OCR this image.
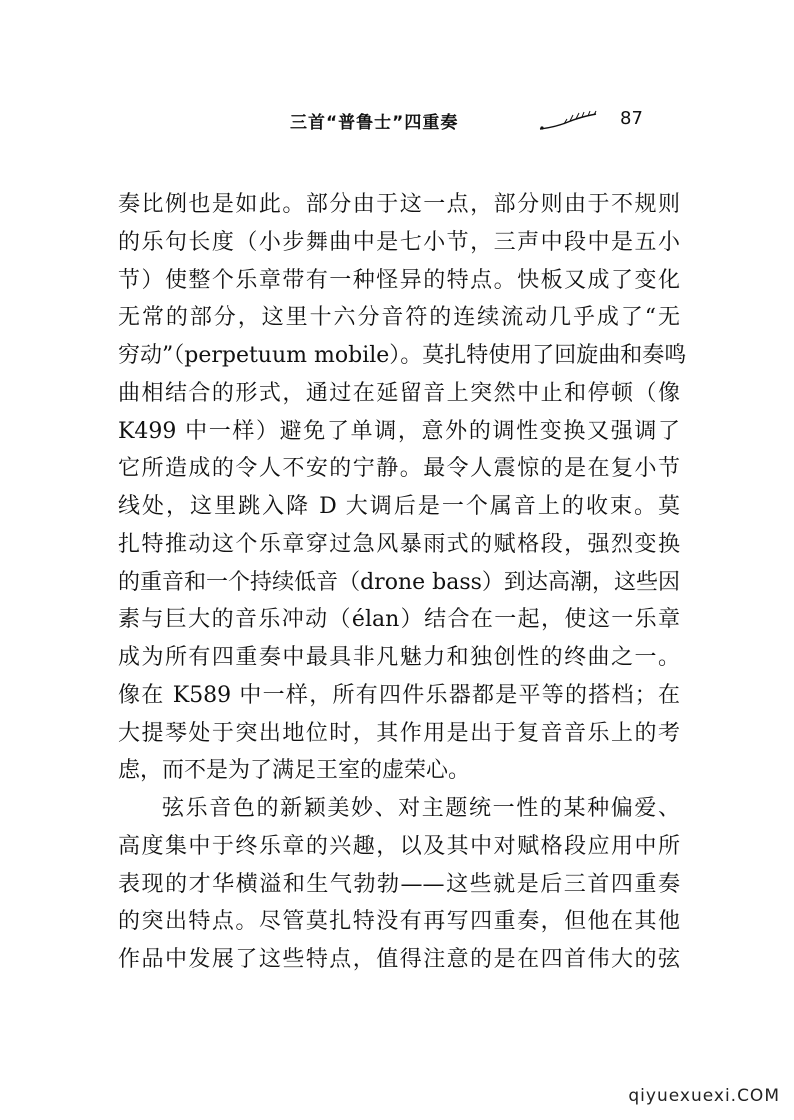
三首“普鲁士”四重奏	87
奏比例也是如此。部分由于这一点，部分则由于不规则
的乐句长度（小步舞曲中是七小节，三声中段中是五小
节）使整个乐章带有一种怪异的特点。快板又成了变化
无常的部分，这里十六分音符的连续流动几乎成了“无
穷动”（perpetuum mobile）。莫扎特使用了回旋曲和奏鸣
曲相结合的形式，通过在延留音上突然中止和停顿（像
K499 中一样）避免了单调，意外的调性变换又强调了
它所造成的令人不安的宁静。最令人震惊的是在复小节
线处，这里跳入降 D 大调后是一个属音上的收束。莫
扎特推动这个乐章穿过急风暴雨式的赋格段，强烈变换
的重音和一个持续低音（drone bass）到达高潮，这些因
素与巨大的音乐冲动（élan）结合在一起，使这一乐章
成为所有四重奏中最具非凡魅力和独创性的终曲之一。
像在 K589 中一样，所有四件乐器都是平等的搭档；在
大提琴处于突出地位时，其作用是出于复音音乐上的考
虑，而不是为了满足王室的虚荣心。
弦乐音色的新颖美妙、对主题统一性的某种偏爱、
高度集中于终乐章的兴趣，以及其中对赋格段应用中所
表现的才华横溢和生气勃勃——这些就是后三首四重奏
的突出特点。尽管莫扎特没有再写四重奏，但他在其他
作品中发展了这些特点，值得注意的是在四首伟大的弦
qiyuexuexi.COM
